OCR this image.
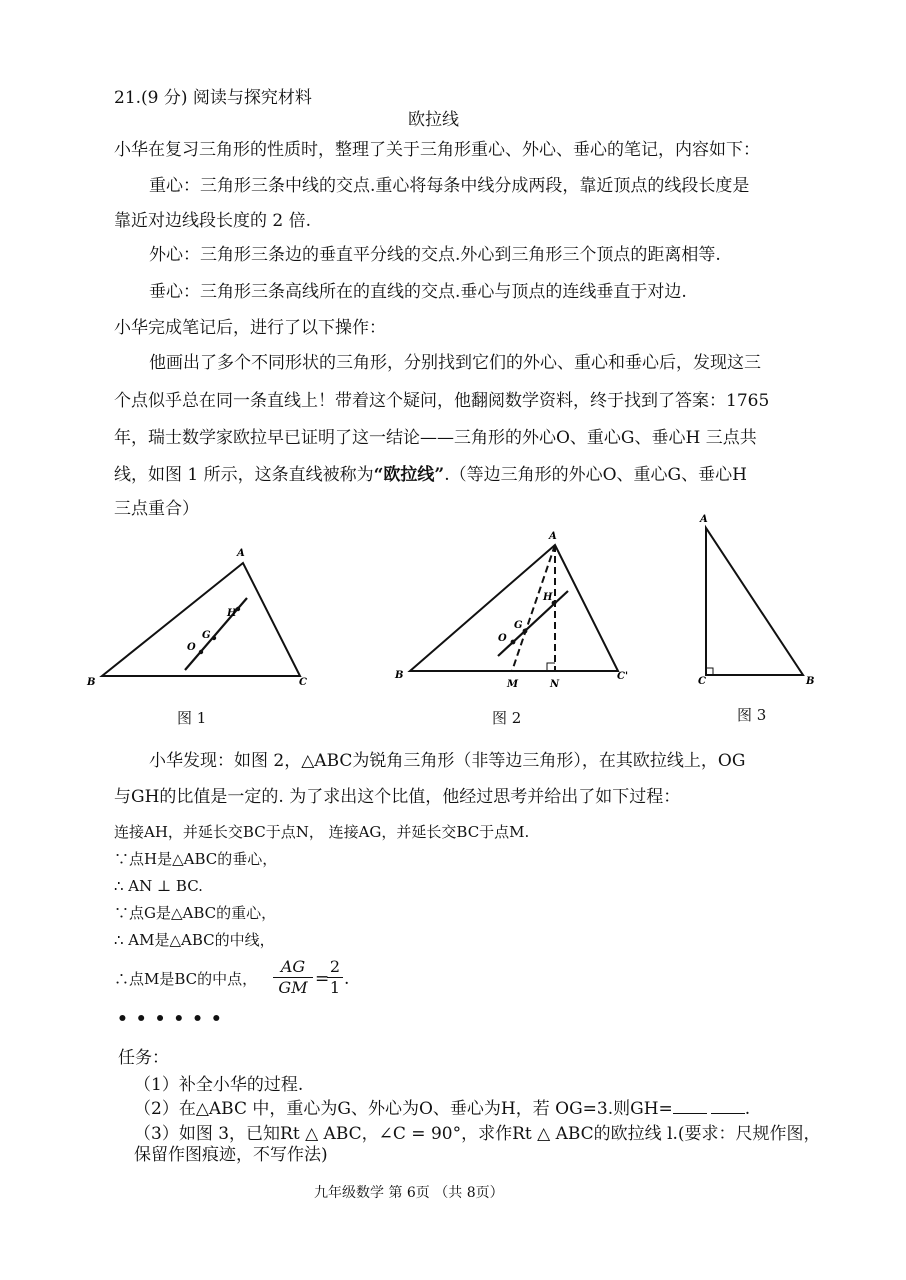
21.(9 分) 阅读与探究材料
欧拉线
小华在复习三角形的性质时，整理了关于三角形重心、外心、垂心的笔记，内容如下：
重心：三角形三条中线的交点.重心将每条中线分成两段，靠近顶点的线段长度是
靠近对边线段长度的 2 倍.
外心：三角形三条边的垂直平分线的交点.外心到三角形三个顶点的距离相等.
垂心：三角形三条高线所在的直线的交点.垂心与顶点的连线垂直于对边.
小华完成笔记后，进行了以下操作：
他画出了多个不同形状的三角形，分别找到它们的外心、重心和垂心后，发现这三
个点似乎总在同一条直线上！带着这个疑问，他翻阅数学资料，终于找到了答案：1765
年，瑞士数学家欧拉早已证明了这一结论——三角形的外心O、重心G、垂心H 三点共
线，如图 1 所示，这条直线被称为“欧拉线”.（等边三角形的外心O、重心G、垂心H
三点重合）
A
B	C
O
G
H
图 1
A
B	C'
O
G
H
M	N
图 2
A
B
C
图 3
小华发现：如图 2，△ABC为锐角三角形（非等边三角形），在其欧拉线上，OG
与GH的比值是一定的. 为了求出这个比值，他经过思考并给出了如下过程：
连接AH，并延长交BC于点N， 连接AG，并延长交BC于点M.
∵点H是△ABC的垂心，
∴ AN ⊥ BC.
∵点G是△ABC的重心，
∴ AM是△ABC的中线，
∴点M是BC的中点， $\frac{AG}{GM}$ =
$\frac{2}{1}$ .
• • • • • •
任务：
（1）补全小华的过程.
（2）在△ABC 中，重心为G、外心为O、垂心为H，若 OG=3.则GH=	.
（3）如图 3，已知Rt △ ABC，∠C = 90°，求作Rt △ ABC的欧拉线 l.(要求：尺规作图，
保留作图痕迹，不写作法)
九年级数学 第 6页 （共 8页）
